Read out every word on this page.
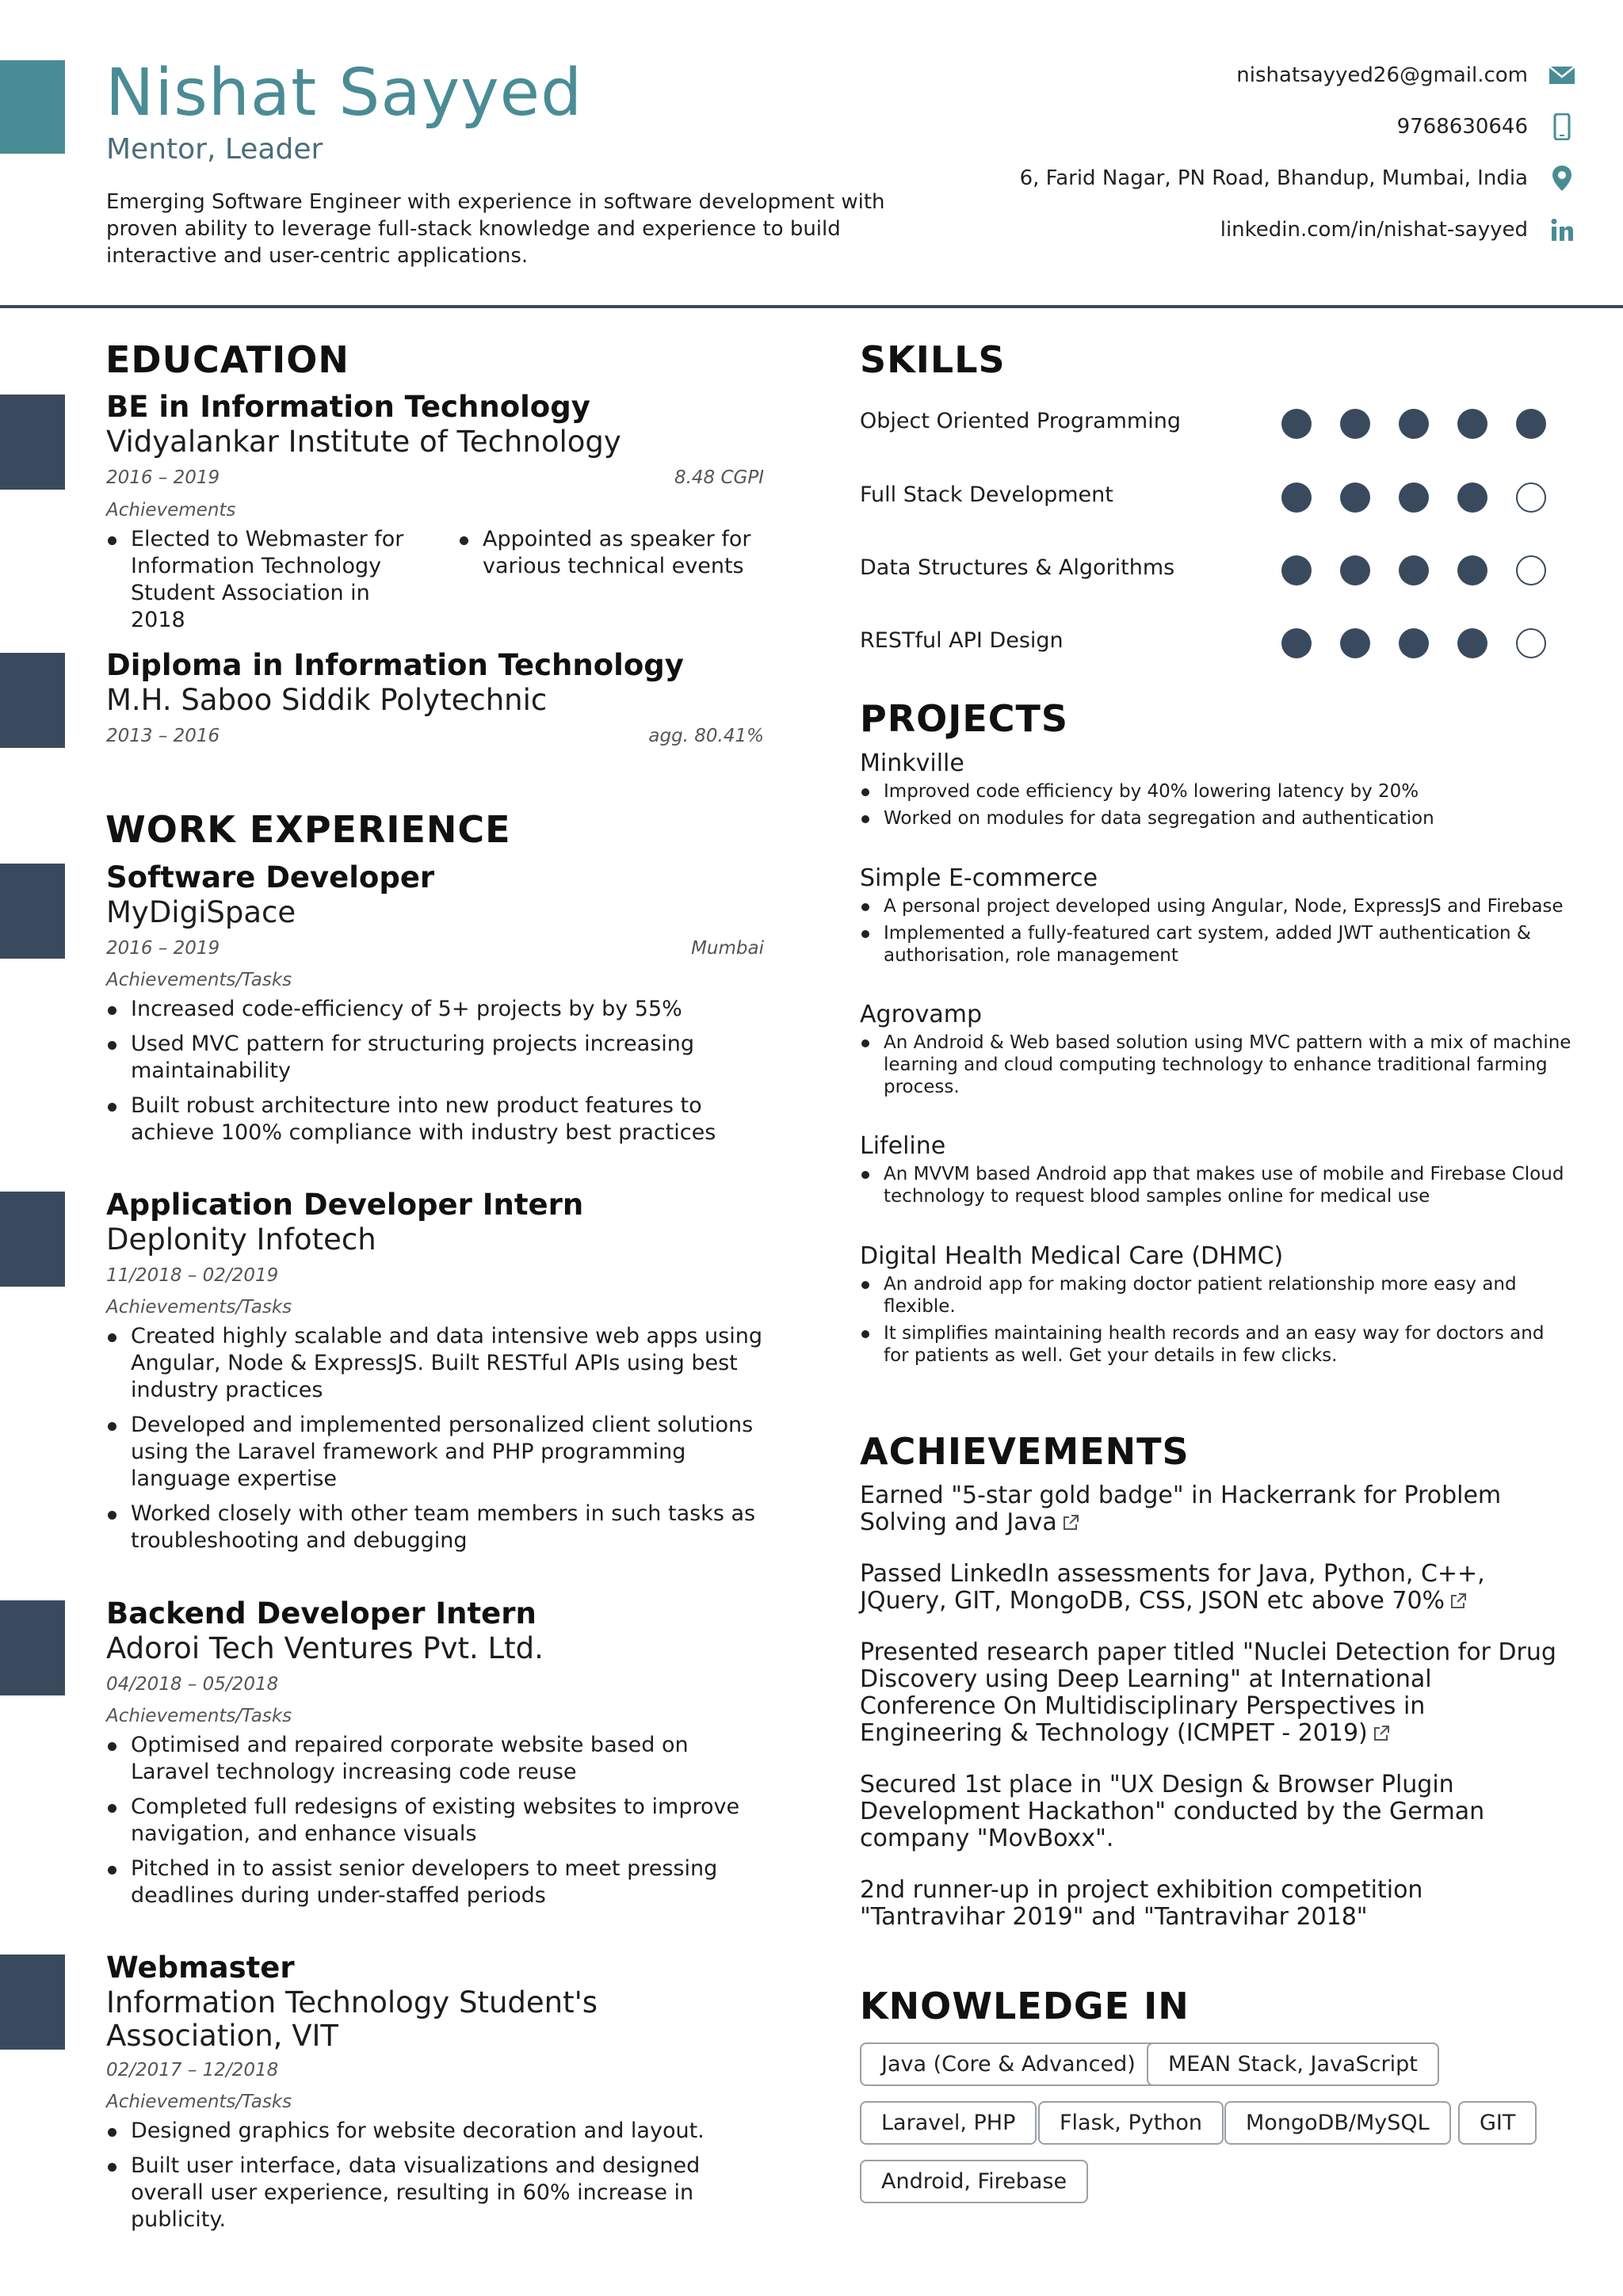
Nishat Sayyed
Mentor, Leader
Emerging Software Engineer with experience in software development with proven ability to leverage full-stack knowledge and experience to build interactive and user-centric applications.
nishatsayyed26@gmail.com
9768630646
6, Farid Nagar, PN Road, Bhandup, Mumbai, India
linkedin.com/in/nishat-sayyed
EDUCATION
BE in Information Technology
Vidyalankar Institute of Technology
2016 – 2019	8.48 CGPI
Achievements
Elected to Webmaster for Information Technology Student Association in 2018
Appointed as speaker for various technical events
Diploma in Information Technology
M.H. Saboo Siddik Polytechnic
2013 – 2016	agg. 80.41%
WORK EXPERIENCE
Software Developer
MyDigiSpace
2016 – 2019	Mumbai
Achievements/Tasks
Increased code-efficiency of 5+ projects by by 55%
Used MVC pattern for structuring projects increasing maintainability
Built robust architecture into new product features to achieve 100% compliance with industry best practices
Application Developer Intern
Deplonity Infotech
11/2018 – 02/2019
Achievements/Tasks
Created highly scalable and data intensive web apps using Angular, Node & ExpressJS. Built RESTful APIs using best industry practices
Developed and implemented personalized client solutions using the Laravel framework and PHP programming language expertise
Worked closely with other team members in such tasks as troubleshooting and debugging
Backend Developer Intern
Adoroi Tech Ventures Pvt. Ltd.
04/2018 – 05/2018
Achievements/Tasks
Optimised and repaired corporate website based on Laravel technology increasing code reuse
Completed full redesigns of existing websites to improve navigation, and enhance visuals
Pitched in to assist senior developers to meet pressing deadlines during under-staffed periods
Webmaster
Information Technology Student's Association, VIT
02/2017 – 12/2018
Achievements/Tasks
Designed graphics for website decoration and layout.
Built user interface, data visualizations and designed overall user experience, resulting in 60% increase in publicity.
SKILLS
Object Oriented Programming
Full Stack Development
Data Structures & Algorithms
RESTful API Design
PROJECTS
Minkville
Improved code efficiency by 40% lowering latency by 20%
Worked on modules for data segregation and authentication
Simple E-commerce
A personal project developed using Angular, Node, ExpressJS and Firebase
Implemented a fully-featured cart system, added JWT authentication & authorisation, role management
Agrovamp
An Android & Web based solution using MVC pattern with a mix of machine learning and cloud computing technology to enhance traditional farming process.
Lifeline
An MVVM based Android app that makes use of mobile and Firebase Cloud technology to request blood samples online for medical use
Digital Health Medical Care (DHMC)
An android app for making doctor patient relationship more easy and flexible.
It simplifies maintaining health records and an easy way for doctors and for patients as well. Get your details in few clicks.
ACHIEVEMENTS
Earned "5-star gold badge" in Hackerrank for Problem Solving and Java
Passed LinkedIn assessments for Java, Python, C++, JQuery, GIT, MongoDB, CSS, JSON etc above 70%
Presented research paper titled "Nuclei Detection for Drug Discovery using Deep Learning" at International Conference On Multidisciplinary Perspectives in Engineering & Technology (ICMPET - 2019)
Secured 1st place in "UX Design & Browser Plugin Development Hackathon" conducted by the German company "MovBoxx".
2nd runner-up in project exhibition competition "Tantravihar 2019" and "Tantravihar 2018"
KNOWLEDGE IN
Java (Core & Advanced)	MEAN Stack, JavaScript
Laravel, PHP	Flask, Python	MongoDB/MySQL	GIT
Android, Firebase
